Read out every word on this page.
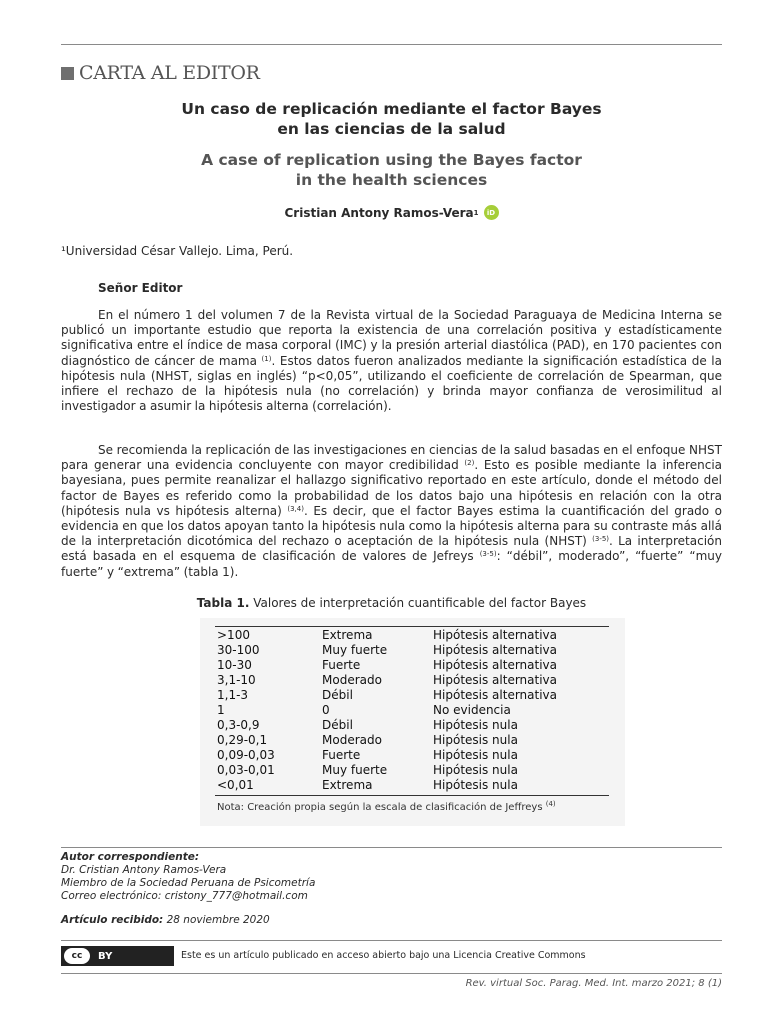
CARTA AL EDITOR
Un caso de replicación mediante el factor Bayes
en las ciencias de la salud
A case of replication using the Bayes factor
in the health sciences
Cristian Antony Ramos-Vera 1	iD
¹Universidad César Vallejo. Lima, Perú.
Señor Editor

En el número 1 del volumen 7 de la Revista virtual de la Sociedad Paraguaya de Medicina Interna se publicó un importante estudio que reporta la existencia de una correlación positiva y estadísticamente significativa entre el índice de masa corporal (IMC) y la presión arterial diastólica (PAD), en 170 pacientes con diagnóstico de cáncer de mama $^{(1)}$. Estos datos fueron analizados mediante la significación estadística de la hipótesis nula (NHST, siglas en inglés) “p<0,05”, utilizando el coeficiente de correlación de Spearman, que infiere el rechazo de la hipótesis nula (no correlación) y brinda mayor confianza de verosimilitud al investigador a asumir la hipótesis alterna (correlación).

Se recomienda la replicación de las investigaciones en ciencias de la salud basadas en el enfoque NHST para generar una evidencia concluyente con mayor credibilidad $^{(2)}$. Esto es posible mediante la inferencia bayesiana, pues permite reanalizar el hallazgo significativo reportado en este artículo, donde el método del factor de Bayes es referido como la probabilidad de los datos bajo una hipótesis en relación con la otra (hipótesis nula vs hipótesis alterna) $^{(3,4)}$. Es decir, que el factor Bayes estima la cuantificación del grado o evidencia en que los datos apoyan tanto la hipótesis nula como la hipótesis alterna para su contraste más allá de la interpretación dicotómica del rechazo o aceptación de la hipótesis nula (NHST) $^{(3-5)}$. La interpretación está basada en el esquema de clasificación de valores de Jefreys $^{(3-5)}$: “débil”, moderado”, “fuerte” “muy fuerte” y “extrema” (tabla 1).

Tabla 1. Valores de interpretación cuantificable del factor Bayes
>100	Extrema	Hipótesis alternativa
30-100	Muy fuerte	Hipótesis alternativa
10-30	Fuerte	Hipótesis alternativa
3,1-10	Moderado	Hipótesis alternativa
1,1-3	Débil	Hipótesis alternativa
1	0	No evidencia
0,3-0,9	Débil	Hipótesis nula
0,29-0,1	Moderado	Hipótesis nula
0,09-0,03	Fuerte	Hipótesis nula
0,03-0,01	Muy fuerte	Hipótesis nula
<0,01	Extrema	Hipótesis nula
Nota: Creación propia según la escala de clasificación de Jeffreys $^{(4)}$
Autor correspondiente:
Dr. Cristian Antony Ramos-Vera
Miembro de la Sociedad Peruana de Psicometría
Correo electrónico: cristony_777@hotmail.com
Artículo recibido: 28 noviembre 2020
cc	BY	Este es un artículo publicado en acceso abierto bajo una Licencia Creative Commons
Rev. virtual Soc. Parag. Med. Int. marzo 2021; 8 (1)
